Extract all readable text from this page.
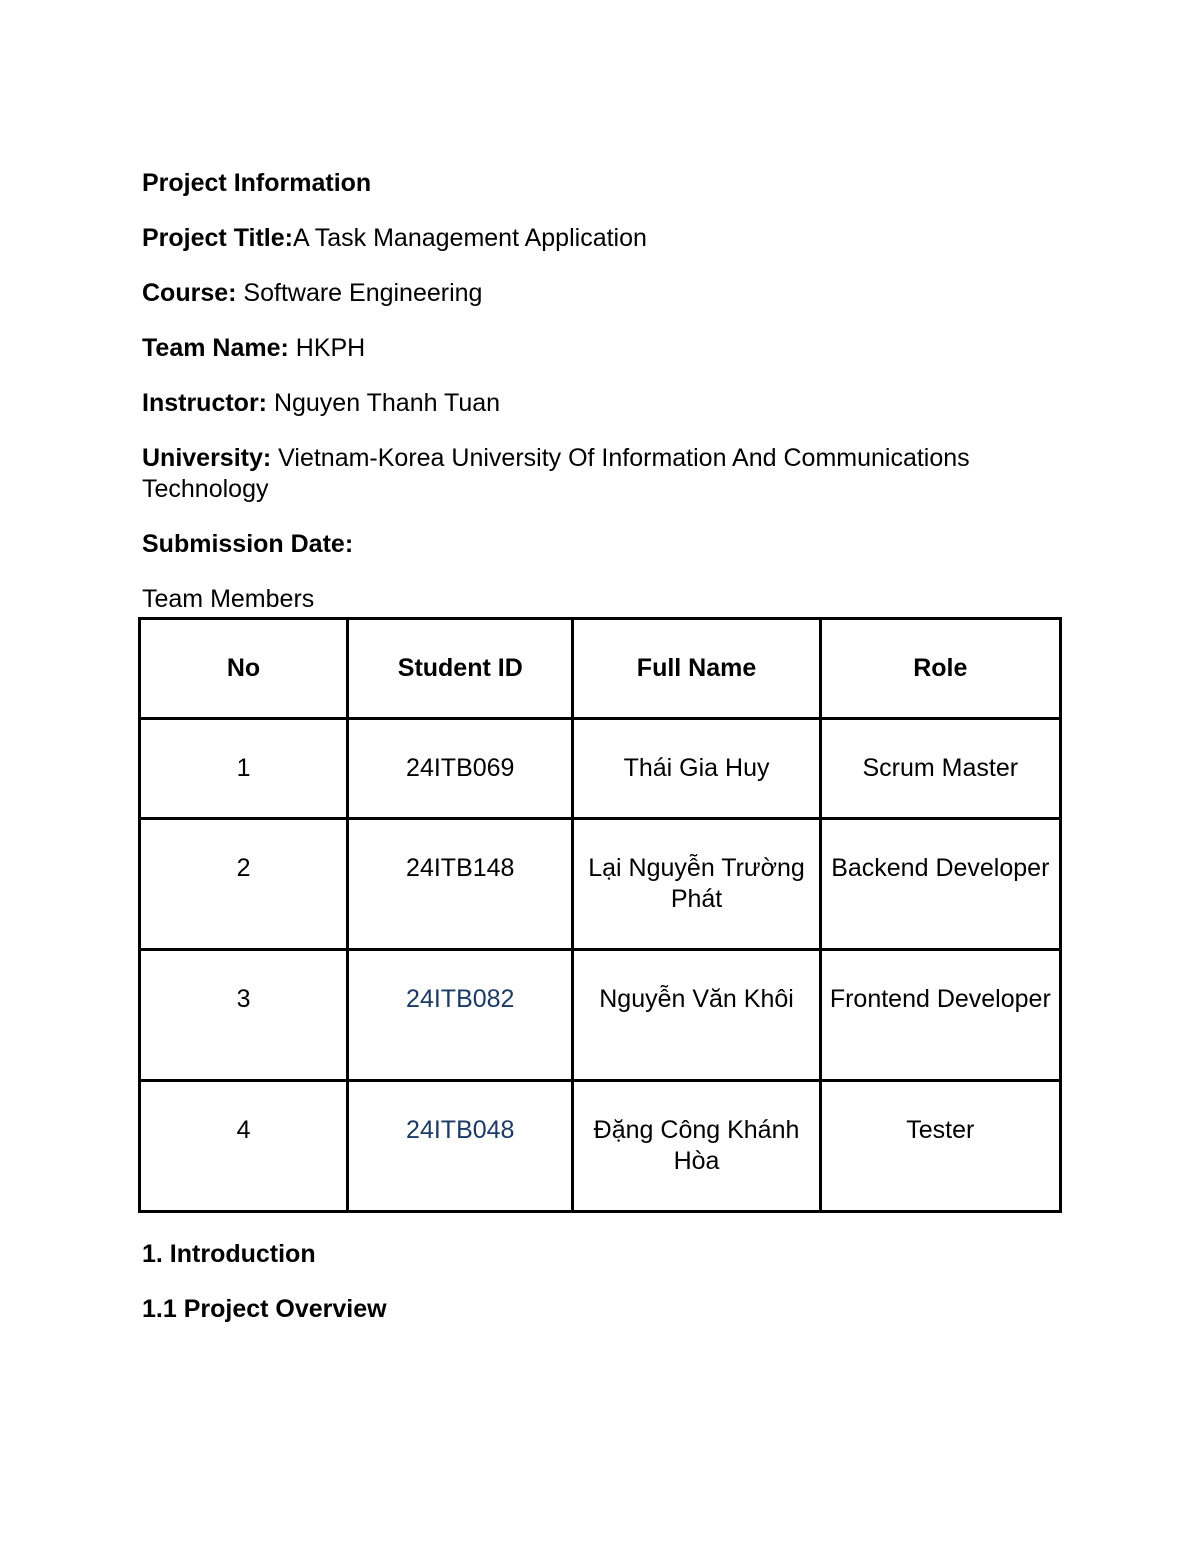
Project Information
Project Title:A Task Management Application
Course: Software Engineering
Team Name: HKPH
Instructor: Nguyen Thanh Tuan
University: Vietnam-Korea University Of Information And Communications Technology
Submission Date:
Team Members
No	Student ID	Full Name	Role
1	24ITB069	Thái Gia Huy	Scrum Master
2	24ITB148	Lại Nguyễn Trường Phát	Backend Developer
3	24ITB082	Nguyễn Văn Khôi	Frontend Developer
4	24ITB048	Đặng Công Khánh Hòa	Tester
1. Introduction
1.1 Project Overview
